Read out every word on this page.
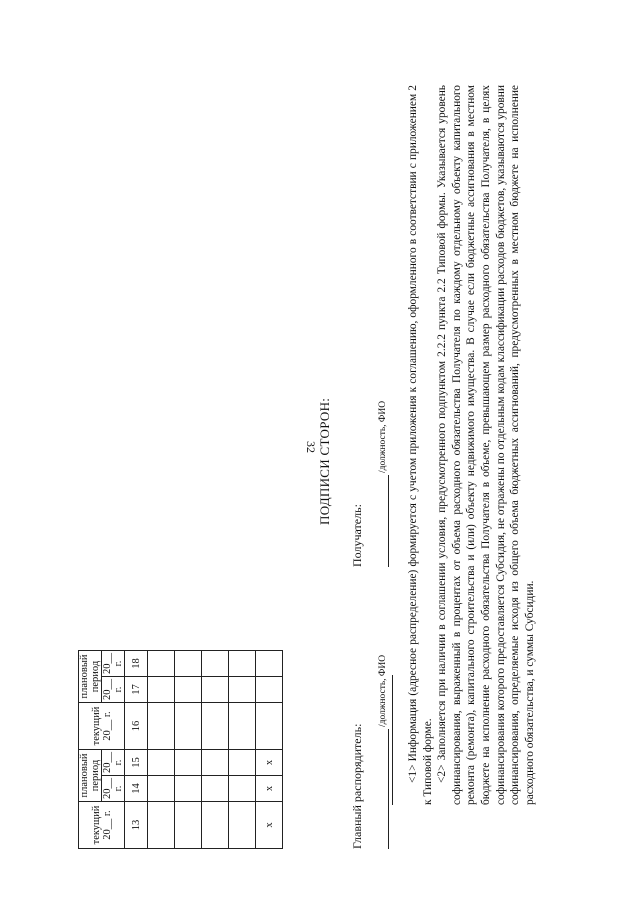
32
текущий 20__ г.	плановый период		текущий 20__ г.	плановый период	
	20__ г.	20__ г.		20__ г.	20__ г.
13	14	15	16	17	18

х	х	х			
ПОДПИСИ СТОРОН:
Главный распорядитель:
/должность, ФИО
Получатель:
/должность, ФИО <1> Информация (адресное распределение) формируется с учетом приложения к соглашению, оформленного в соответствии с приложением 2 к Типовой форме. <2> Заполняется при наличии в соглашении условия, предусмотренного подпунктом 2.2.2 пункта 2.2 Типовой формы. Указывается уровень софинансирования, выраженный в процентах от объема расходного обязательства Получателя по каждому отдельному объекту капитального ремонта (ремонта), капитального строительства и (или) объекту недвижимого имущества. В случае если бюджетные ассигнования в местном бюджете на исполнение расходного обязательства Получателя в объеме, превышающем размер расходного обязательства Получателя, в целях софинансирования которого предоставляется Субсидия, не отражены по отдельным кодам классификации расходов бюджетов, указываются уровни софинансирования, определяемые исходя из общего объема бюджетных ассигнований, предусмотренных в местном бюджете на исполнение расходного обязательства, и суммы Субсидии.
